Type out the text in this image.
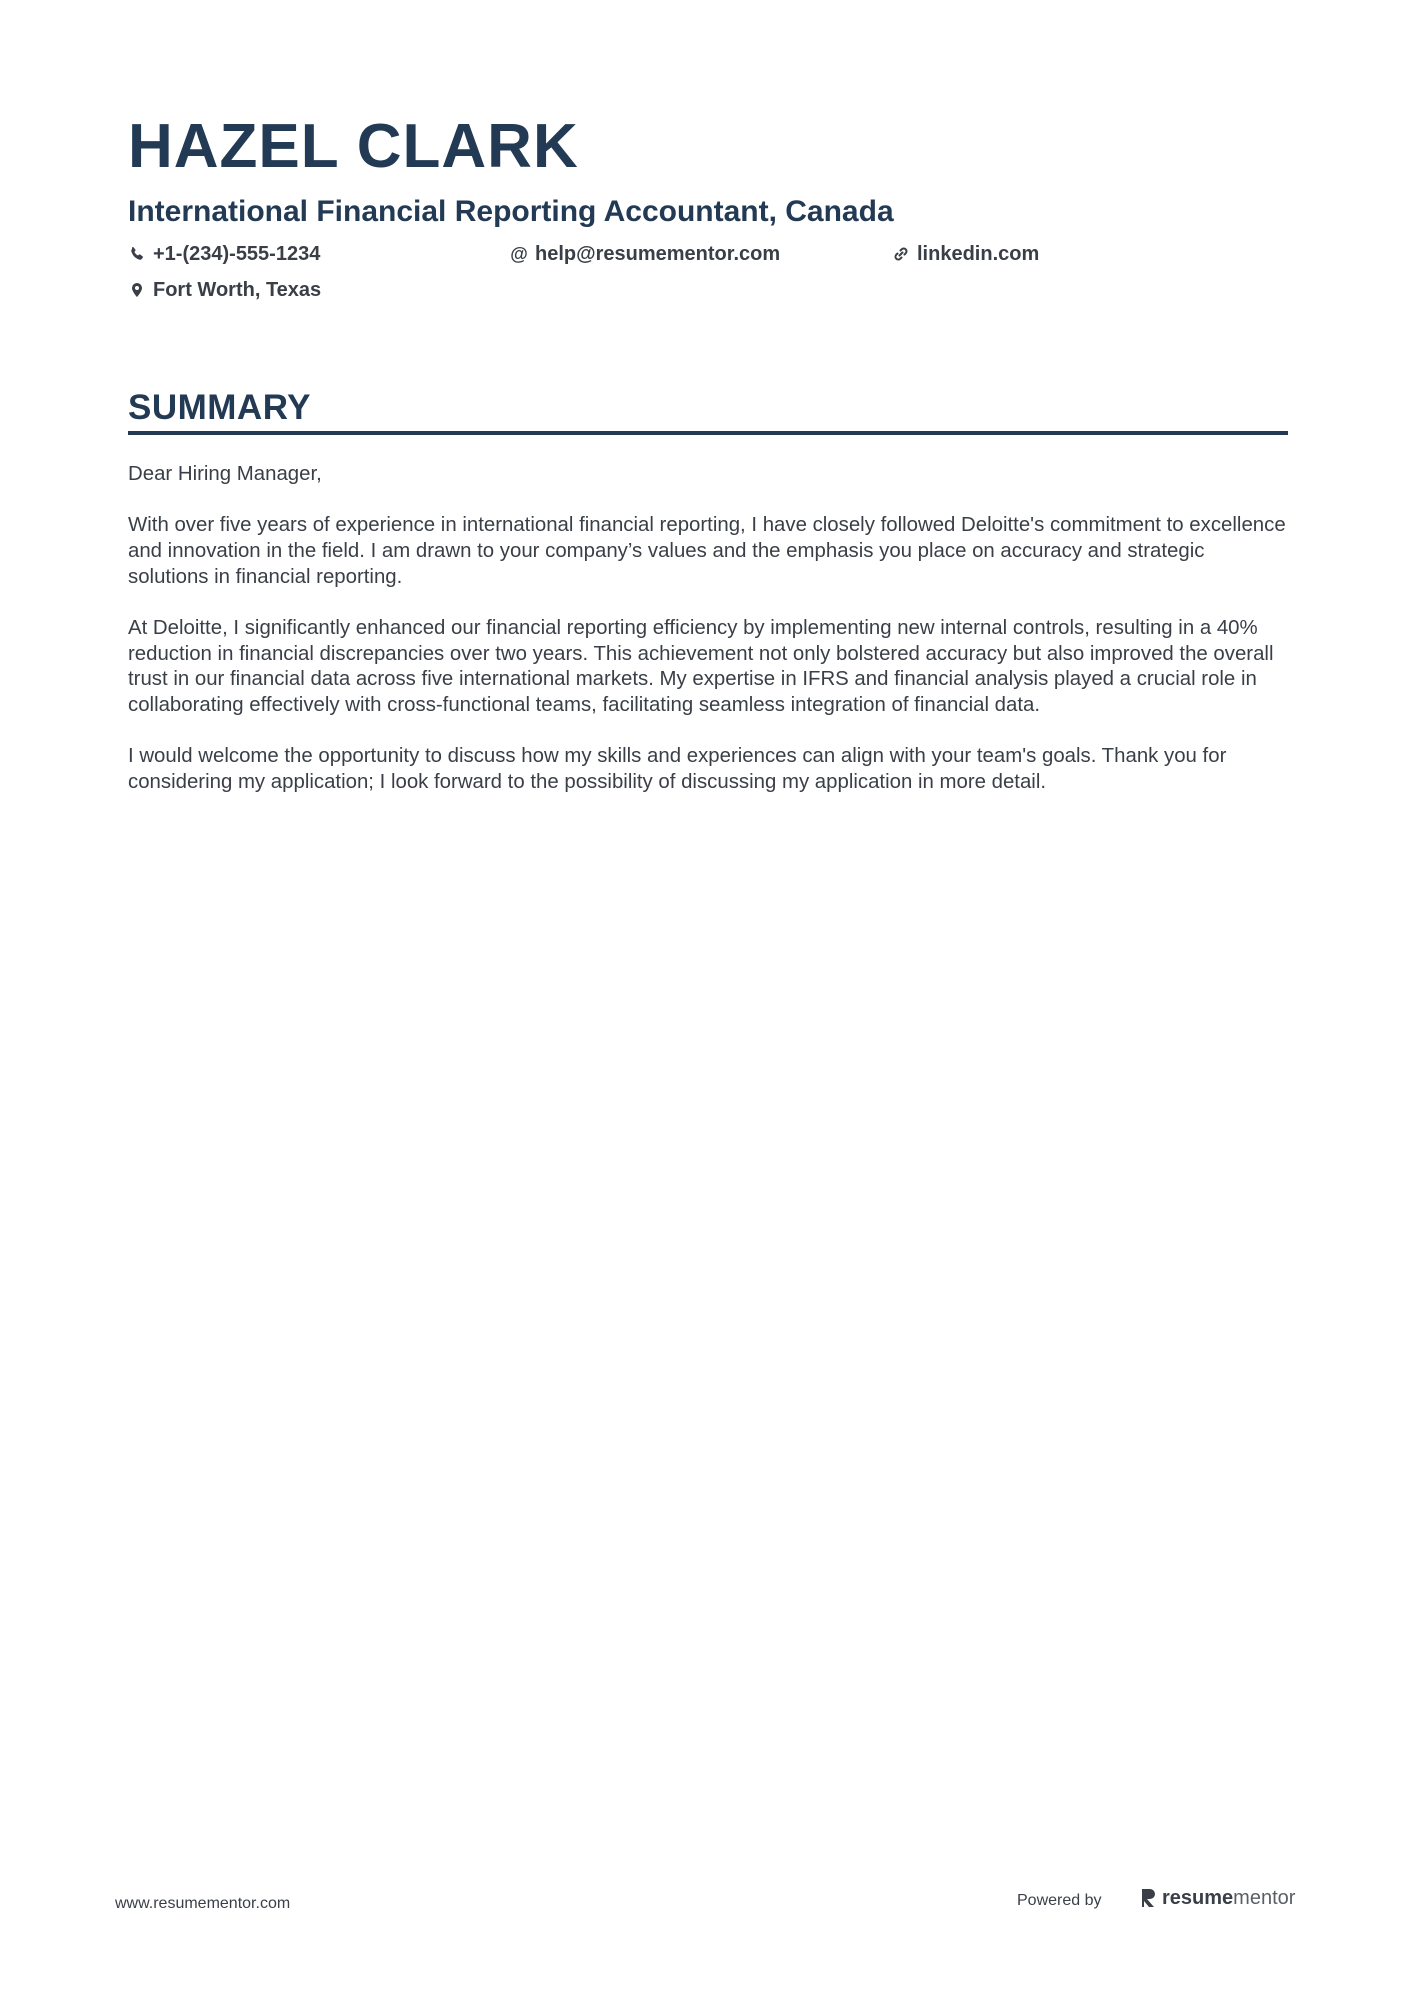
HAZEL CLARK
International Financial Reporting Accountant, Canada
+1-(234)-555-1234	@ help@resumementor.com	linkedin.com
Fort Worth, Texas
SUMMARY

Dear Hiring Manager,

With over five years of experience in international financial reporting, I have closely followed Deloitte's commitment to excellence and innovation in the field. I am drawn to your company’s values and the emphasis you place on accuracy and strategic solutions in financial reporting.

At Deloitte, I significantly enhanced our financial reporting efficiency by implementing new internal controls, resulting in a 40% reduction in financial discrepancies over two years. This achievement not only bolstered accuracy but also improved the overall trust in our financial data across five international markets. My expertise in IFRS and financial analysis played a crucial role in collaborating effectively with cross-functional teams, facilitating seamless integration of financial data.

I would welcome the opportunity to discuss how my skills and experiences can align with your team's goals. Thank you for considering my application; I look forward to the possibility of discussing my application in more detail.

www.resumementor.com	Powered by	resume mentor
